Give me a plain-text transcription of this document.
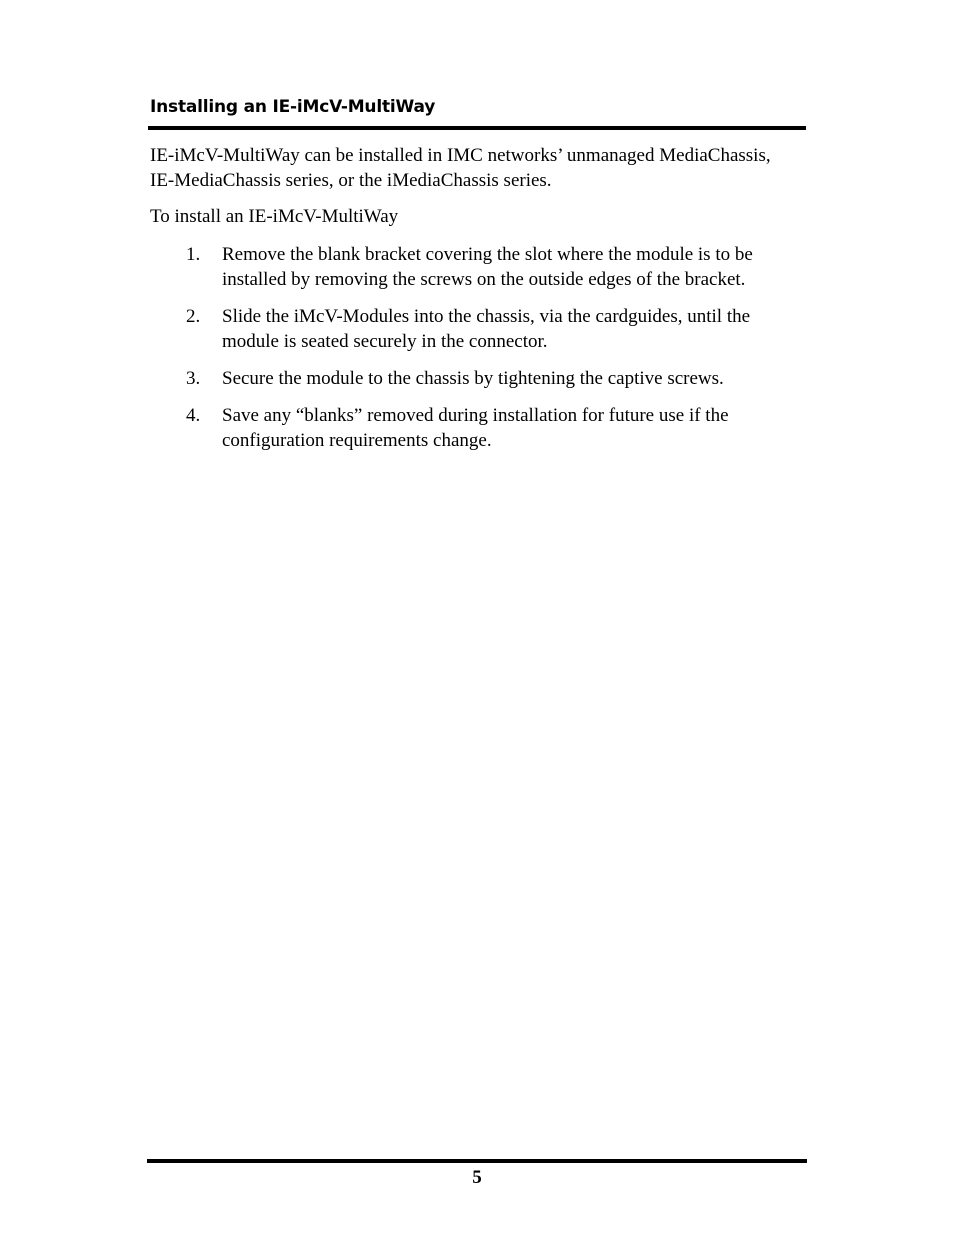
Installing an IE-iMcV-MultiWay

IE-iMcV-MultiWay can be installed in IMC networks’ unmanaged MediaChassis, IE-MediaChassis series, or the iMediaChassis series.

To install an IE-iMcV-MultiWay

1. Remove the blank bracket covering the slot where the module is to be installed by removing the screws on the outside edges of the bracket.
2. Slide the iMcV-Modules into the chassis, via the cardguides, until the module is seated securely in the connector.
3. Secure the module to the chassis by tightening the captive screws.
4. Save any “blanks” removed during installation for future use if the configuration requirements change.
5
